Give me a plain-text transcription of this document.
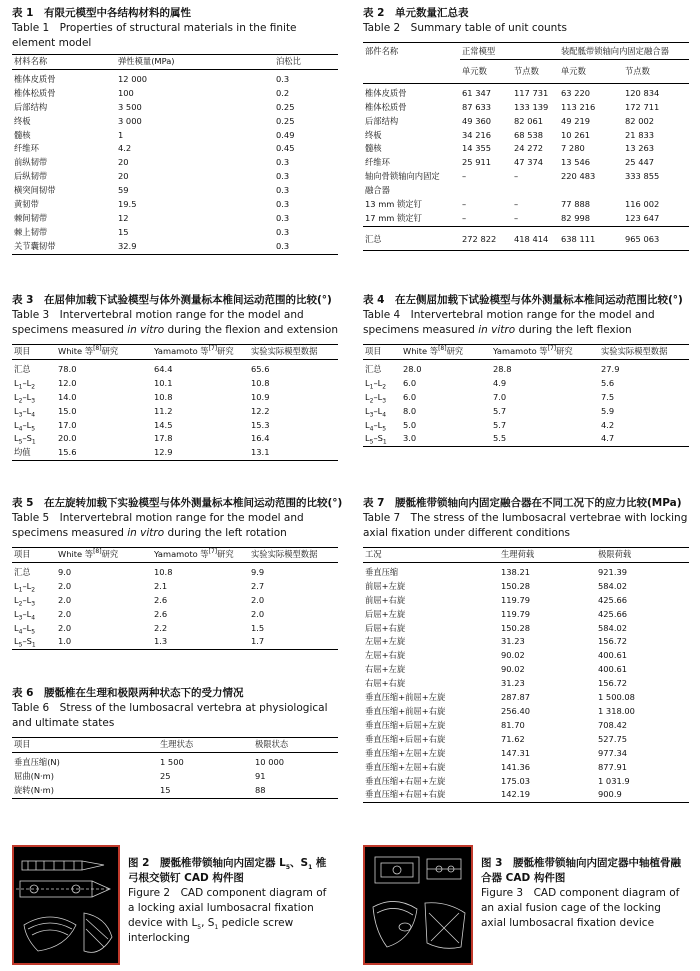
表 1　有限元模型中各结构材料的属性
Table 1　Properties of structural materials in the finite element model
材料名称	弹性模量(MPa)	泊松比
椎体皮质骨	12 000	0.3
椎体松质骨	100	0.2
后部结构	3 500	0.25
终板	3 000	0.25
髓核	1	0.49
纤维环	4.2	0.45
前纵韧带	20	0.3
后纵韧带	20	0.3
横突间韧带	59	0.3
黄韧带	19.5	0.3
棘间韧带	12	0.3
棘上韧带	15	0.3
关节囊韧带	32.9	0.3
表 2　单元数量汇总表
Table 2　Summary table of unit counts
部件名称	正常模型		装配骶带锁轴向内固定融合器	
	单元数	节点数	单元数	节点数
椎体皮质骨	61 347	117 731	63 220	120 834
椎体松质骨	87 633	133 139	113 216	172 711
后部结构	49 360	82 061	49 219	82 002
终板	34 216	68 538	10 261	21 833
髓核	14 355	24 272	7 280	13 263
纤维环	25 911	47 374	13 546	25 447
轴向骨锁轴向内固定	–	–	220 483	333 855
融合器				
13 mm 锁定钉	–	–	77 888	116 002
17 mm 锁定钉	–	–	82 998	123 647
汇总	272 822	418 414	638 111	965 063
表 3　在屈伸加载下试验模型与体外测量标本椎间运动范围的比较(°)
Table 3　Intervertebral motion range for the model and specimens measured in vitro during the flexion and extension
项目	White 等[8]研究	Yamamoto 等[7]研究	实验实际模型数据
汇总	78.0	64.4	65.6
$L_1-L_2$	12.0	10.1	10.8
$L_2-L_3$	14.0	10.8	10.9
$L_3-L_4$	15.0	11.2	12.2
$L_4-L_5$	17.0	14.5	15.3
$L_5-S_1$	20.0	17.8	16.4
均值	15.6	12.9	13.1
表 4　在左侧屈加载下试验模型与体外测量标本椎间运动范围比较(°)
Table 4　Intervertebral motion range for the model and specimens measured in vitro during the left flexion
项目	White 等[8]研究	Yamamoto 等[7]研究	实验实际模型数据
汇总	28.0	28.8	27.9
$L_1-L_2$	6.0	4.9	5.6
$L_2-L_3$	6.0	7.0	7.5
$L_3-L_4$	8.0	5.7	5.9
$L_4-L_5$	5.0	5.7	4.2
$L_5-S_1$	3.0	5.5	4.7
表 5　在左旋转加载下实验模型与体外测量标本椎间运动范围的比较(°)
Table 5　Intervertebral motion range for the model and specimens measured in vitro during the left rotation
项目	White 等[8]研究	Yamamoto 等[7]研究	实验实际模型数据
汇总	9.0	10.8	9.9
$L_1-L_2$	2.0	2.1	2.7
$L_2-L_3$	2.0	2.6	2.0
$L_3-L_4$	2.0	2.6	2.0
$L_4-L_5$	2.0	2.2	1.5
$L_5-S_1$	1.0	1.3	1.7
表 6　腰骶椎在生理和极限两种状态下的受力情况
Table 6　Stress of the lumbosacral vertebra at physiological and ultimate states
项目	生理状态	极限状态
垂直压缩(N)	1 500	10 000
屈曲(N·m)	25	91
旋转(N·m)	15	88
表 7　腰骶椎带锁轴向内固定融合器在不同工况下的应力比较(MPa)
Table 7　The stress of the lumbosacral vertebrae with locking axial fixation under different conditions
工况	生理荷载	极限荷载
垂直压缩	138.21	921.39
前屈+左旋	150.28	584.02
前屈+右旋	119.79	425.66
后屈+左旋	119.79	425.66
后屈+右旋	150.28	584.02
左屈+左旋	31.23	156.72
左屈+右旋	90.02	400.61
右屈+左旋	90.02	400.61
右屈+右旋	31.23	156.72
垂直压缩+前屈+左旋	287.87	1 500.08
垂直压缩+前屈+右旋	256.40	1 318.00
垂直压缩+后屈+左旋	81.70	708.42
垂直压缩+后屈+右旋	71.62	527.75
垂直压缩+左屈+左旋	147.31	977.34
垂直压缩+左屈+右旋	141.36	877.91
垂直压缩+右屈+左旋	175.03	1 031.9
垂直压缩+右屈+右旋	142.19	900.9
图 2　腰骶椎带锁轴向内固定器 $L_5$、$S_1$ 椎弓根交锁钉 CAD 构件图
Figure 2　CAD component diagram of a locking axial lumbosacral fixation device with $L_5$, $S_1$ pedicle screw interlocking
图 3　腰骶椎带锁轴向内固定器中轴植骨融合器 CAD 构件图
Figure 3　CAD component diagram of an axial fusion cage of the locking axial lumbosacral fixation device
